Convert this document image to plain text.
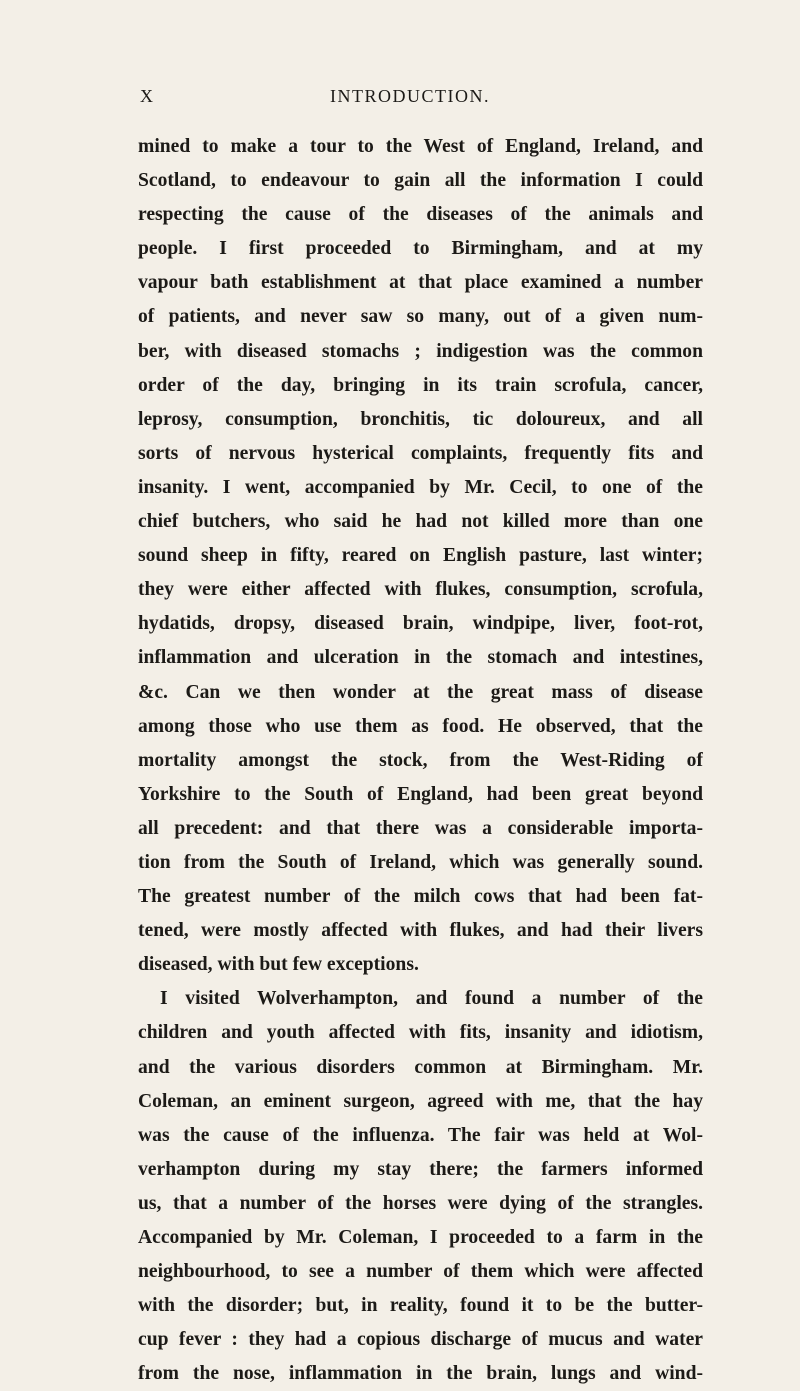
X	INTRODUCTION.
mined to make a tour to the West of England, Ireland, and
Scotland, to endeavour to gain all the information I could
respecting the cause of the diseases of the animals and
people. I first proceeded to Birmingham, and at my
vapour bath establishment at that place examined a number
of patients, and never saw so many, out of a given num-
ber, with diseased stomachs ; indigestion was the common
order of the day, bringing in its train scrofula, cancer,
leprosy, consumption, bronchitis, tic doloureux, and all
sorts of nervous hysterical complaints, frequently fits and
insanity. I went, accompanied by Mr. Cecil, to one of the
chief butchers, who said he had not killed more than one
sound sheep in fifty, reared on English pasture, last winter;
they were either affected with flukes, consumption, scrofula,
hydatids, dropsy, diseased brain, windpipe, liver, foot-rot,
inflammation and ulceration in the stomach and intestines,
&c. Can we then wonder at the great mass of disease
among those who use them as food. He observed, that the
mortality amongst the stock, from the West-Riding of
Yorkshire to the South of England, had been great beyond
all precedent: and that there was a considerable importa-
tion from the South of Ireland, which was generally sound.
The greatest number of the milch cows that had been fat-
tened, were mostly affected with flukes, and had their livers
diseased, with but few exceptions.
I visited Wolverhampton, and found a number of the
children and youth affected with fits, insanity and idiotism,
and the various disorders common at Birmingham. Mr.
Coleman, an eminent surgeon, agreed with me, that the hay
was the cause of the influenza. The fair was held at Wol-
verhampton during my stay there; the farmers informed
us, that a number of the horses were dying of the strangles.
Accompanied by Mr. Coleman, I proceeded to a farm in the
neighbourhood, to see a number of them which were affected
with the disorder; but, in reality, found it to be the butter-
cup fever : they had a copious discharge of mucus and water
from the nose, inflammation in the brain, lungs and wind-
